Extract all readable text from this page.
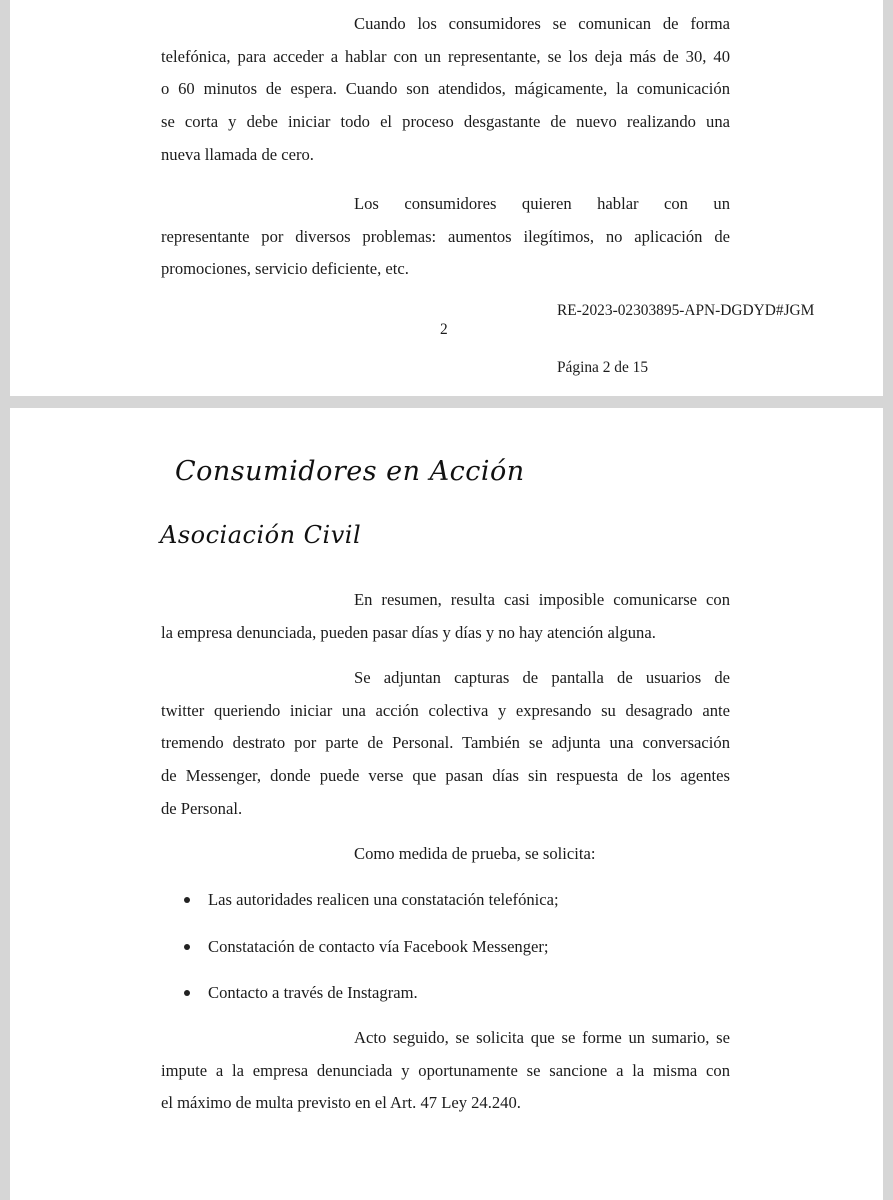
Cuando los consumidores se comunican de forma
telefónica, para acceder a hablar con un representante, se los deja más de 30, 40
o 60 minutos de espera. Cuando son atendidos, mágicamente, la comunicación
se corta y debe iniciar todo el proceso desgastante de nuevo realizando una
nueva llamada de cero.
Los consumidores quieren hablar con un
representante por diversos problemas: aumentos ilegítimos, no aplicación de
promociones, servicio deficiente, etc.

RE-2023-02303895-APN-DGDYD#JGM

2

Página 2 de 15

Consumidores en Acción

Asociación Civil

En resumen, resulta casi imposible comunicarse con
la empresa denunciada, pueden pasar días y días y no hay atención alguna.
Se adjuntan capturas de pantalla de usuarios de
twitter queriendo iniciar una acción colectiva y expresando su desagrado ante
tremendo destrato por parte de Personal. También se adjunta una conversación
de Messenger, donde puede verse que pasan días sin respuesta de los agentes
de Personal.
Como medida de prueba, se solicita:
Las autoridades realicen una constatación telefónica;
Constatación de contacto vía Facebook Messenger;
Contacto a través de Instagram.
Acto seguido, se solicita que se forme un sumario, se
impute a la empresa denunciada y oportunamente se sancione a la misma con
el máximo de multa previsto en el Art. 47 Ley 24.240.
